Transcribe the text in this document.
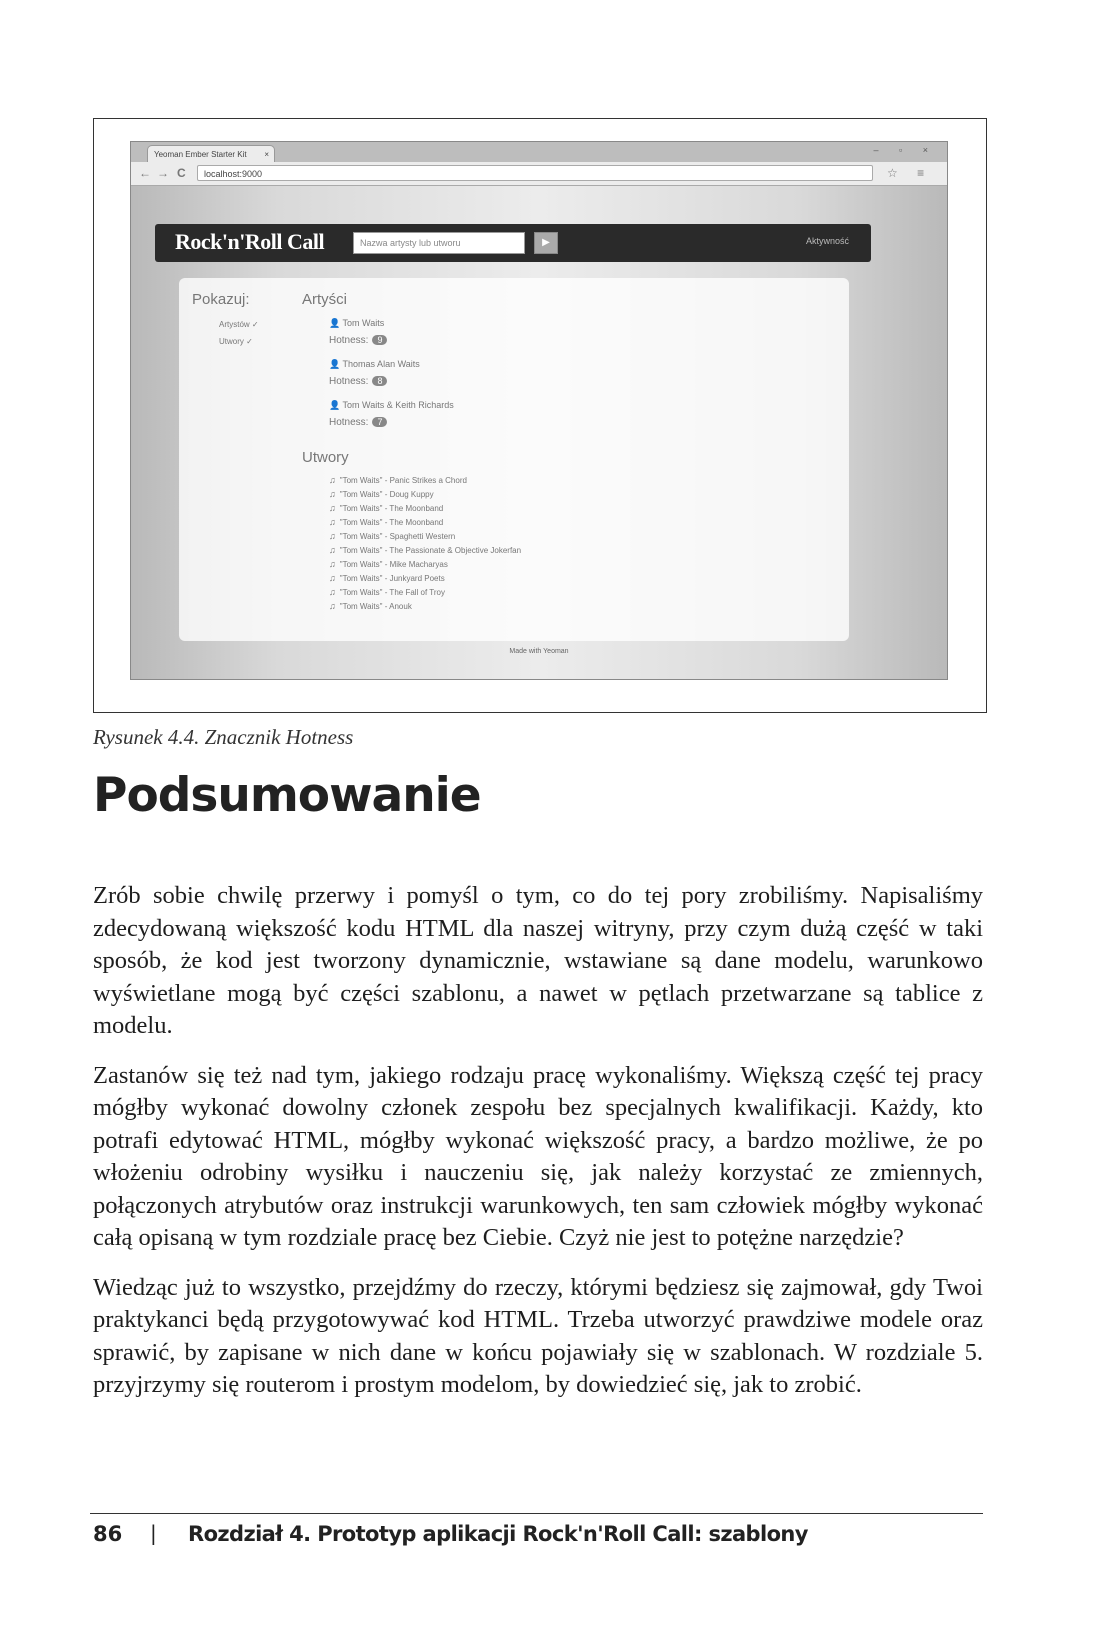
Yeoman Ember Starter Kit ×	– ▫ ×
← → C	localhost:9000	☆ ≡
Rock'n'Roll Call	Nazwa artysty lub utworu	▶	Aktywność
Pokazuj:
Artystów ✓
Utwory ✓
Artyści
👤 Tom Waits
Hotness: 9
👤 Thomas Alan Waits
Hotness: 8
👤 Tom Waits & Keith Richards
Hotness: 7
Utwory
♫ "Tom Waits" - Panic Strikes a Chord
♫ "Tom Waits" - Doug Kuppy
♫ "Tom Waits" - The Moonband
♫ "Tom Waits" - The Moonband
♫ "Tom Waits" - Spaghetti Western
♫ "Tom Waits" - The Passionate & Objective Jokerfan
♫ "Tom Waits" - Mike Macharyas
♫ "Tom Waits" - Junkyard Poets
♫ "Tom Waits" - The Fall of Troy
♫ "Tom Waits" - Anouk
Made with Yeoman
Rysunek 4.4. Znacznik Hotness
Podsumowanie

Zrób sobie chwilę przerwy i pomyśl o tym, co do tej pory zrobiliśmy. Napisaliśmy zdecydowaną większość kodu HTML dla naszej witryny, przy czym dużą część w taki sposób, że kod jest tworzony dynamicznie, wstawiane są dane modelu, warunkowo wyświetlane mogą być części szablonu, a nawet w pętlach przetwarzane są tablice z modelu.

Zastanów się też nad tym, jakiego rodzaju pracę wykonaliśmy. Większą część tej pracy mógłby wykonać dowolny członek zespołu bez specjalnych kwalifikacji. Każdy, kto potrafi edytować HTML, mógłby wykonać większość pracy, a bardzo możliwe, że po włożeniu odrobiny wysiłku i nauczeniu się, jak należy korzystać ze zmiennych, połączonych atrybutów oraz instrukcji warunkowych, ten sam człowiek mógłby wykonać całą opisaną w tym rozdziale pracę bez Ciebie. Czyż nie jest to potężne narzędzie?

Wiedząc już to wszystko, przejdźmy do rzeczy, którymi będziesz się zajmował, gdy Twoi praktykanci będą przygotowywać kod HTML. Trzeba utworzyć prawdziwe modele oraz sprawić, by zapisane w nich dane w końcu pojawiały się w szablonach. W rozdziale 5. przyjrzymy się routerom i prostym modelom, by dowiedzieć się, jak to zrobić.

86 | Rozdział 4. Prototyp aplikacji Rock'n'Roll Call: szablony
